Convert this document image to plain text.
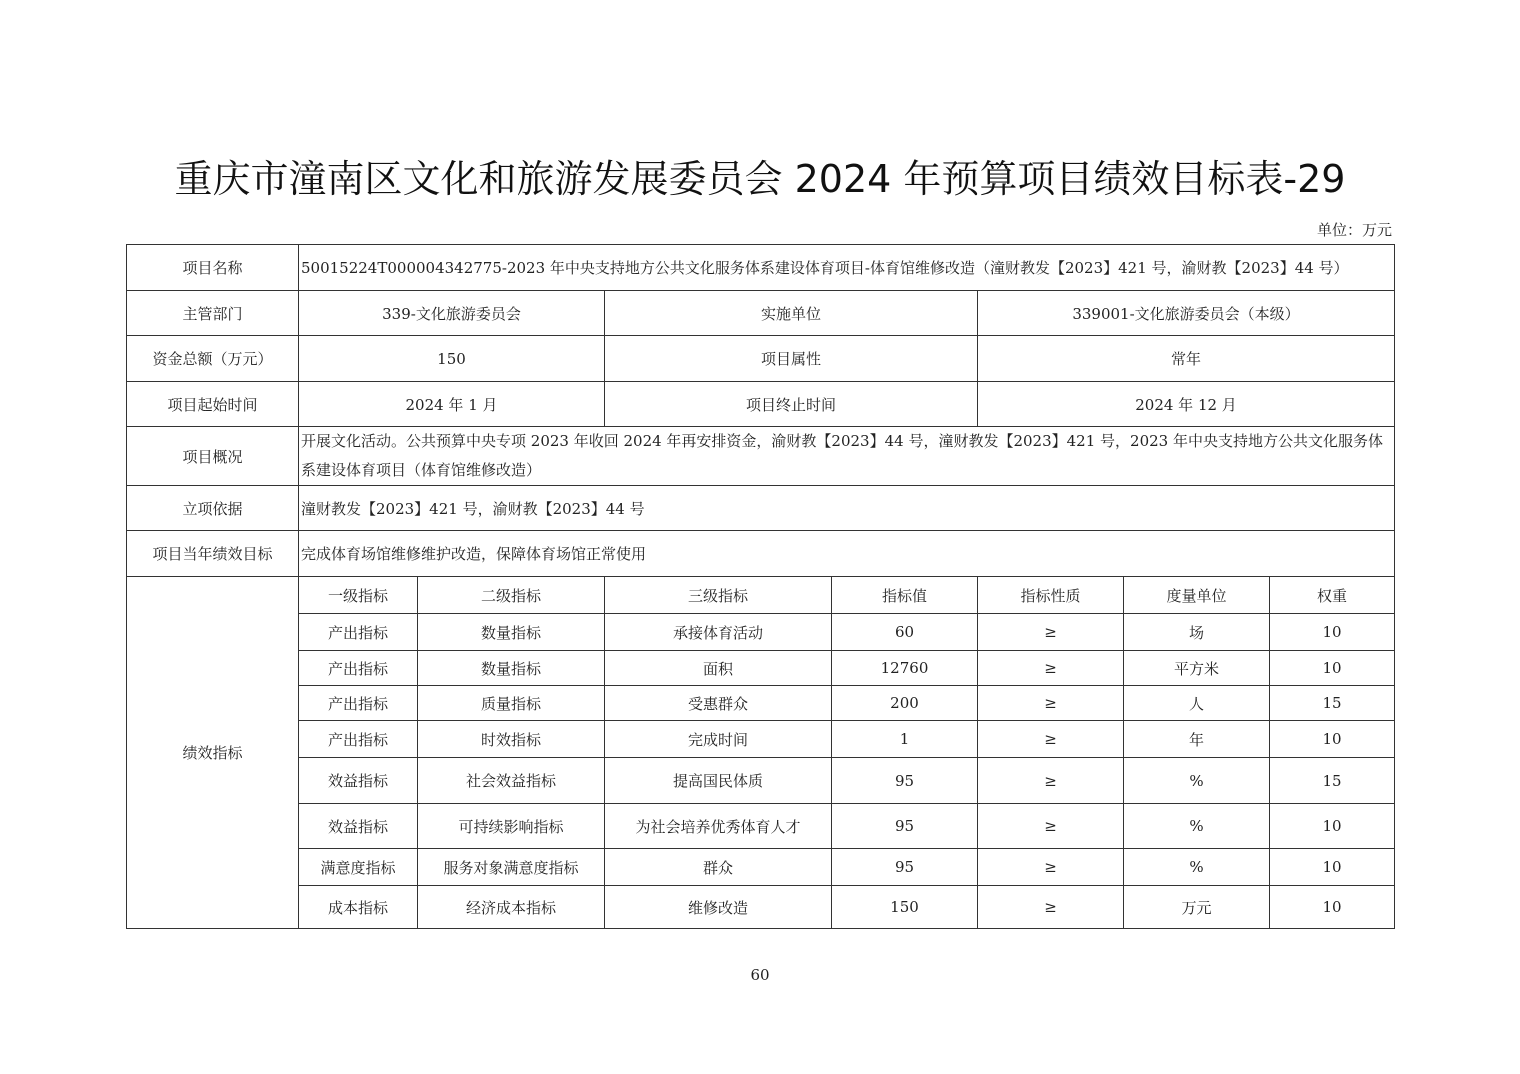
重庆市潼南区文化和旅游发展委员会 2024 年预算项目绩效目标表-29
单位：万元
项目名称	50015224T000004342775-2023 年中央支持地方公共文化服务体系建设体育项目-体育馆维修改造（潼财教发【2023】421 号，渝财教【2023】44 号）						
主管部门	339-文化旅游委员会		实施单位		339001-文化旅游委员会（本级）		
资金总额（万元）	150		项目属性		常年		
项目起始时间	2024 年 1 月		项目终止时间		2024 年 12 月		
项目概况	开展文化活动。公共预算中央专项 2023 年收回 2024 年再安排资金，渝财教【2023】44 号，潼财教发【2023】421 号，2023 年中央支持地方公共文化服务体系建设体育项目（体育馆维修改造）						
立项依据	潼财教发【2023】421 号，渝财教【2023】44 号						
项目当年绩效目标	完成体育场馆维修维护改造，保障体育场馆正常使用						
绩效指标	一级指标	二级指标	三级指标	指标值	指标性质	度量单位	权重
	产出指标	数量指标	承接体育活动	60	≥	场	10
	产出指标	数量指标	面积	12760	≥	平方米	10
	产出指标	质量指标	受惠群众	200	≥	人	15
	产出指标	时效指标	完成时间	1	≥	年	10
	效益指标	社会效益指标	提高国民体质	95	≥	%	15
	效益指标	可持续影响指标	为社会培养优秀体育人才	95	≥	%	10
	满意度指标	服务对象满意度指标	群众	95	≥	%	10
	成本指标	经济成本指标	维修改造	150	≥	万元	10
60
